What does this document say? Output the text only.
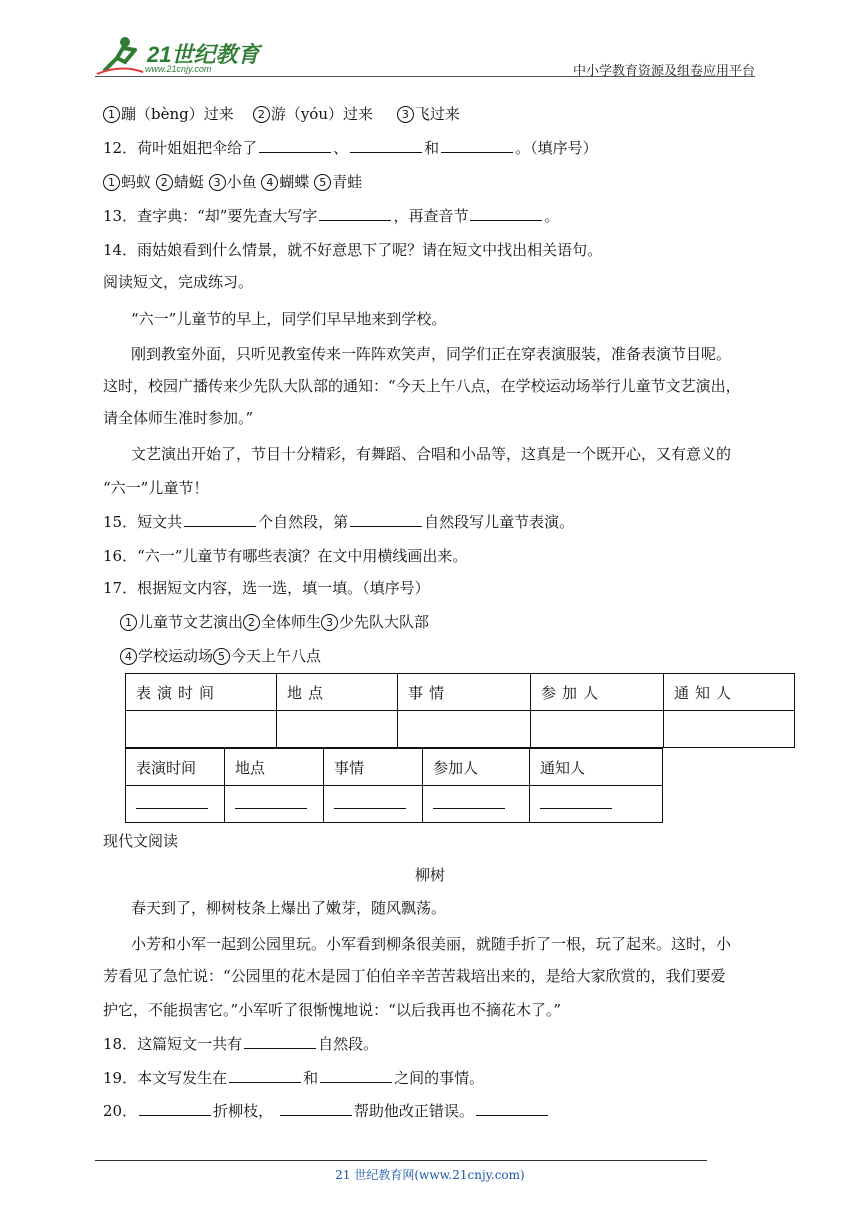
21世纪教育
www.21cnjy.com	中小学教育资源及组卷应用平台
1 蹦（bèng）过来 2 游（yóu）过来	3 飞过来
12．荷叶姐姐把伞给了	、	和	。（填序号）
1 蚂蚁 2 蜻蜓 3 小鱼 4 蝴蝶 5 青蛙
13．查字典：“却”要先查大写字	，再查音节	。
14．雨姑娘看到什么情景，就不好意思下了呢？请在短文中找出相关语句。
阅读短文，完成练习。
“六一”儿童节的早上，同学们早早地来到学校。
刚到教室外面，只听见教室传来一阵阵欢笑声，同学们正在穿表演服装，准备表演节目呢。
这时，校园广播传来少先队大队部的通知：“今天上午八点，在学校运动场举行儿童节文艺演出，
请全体师生准时参加。”
文艺演出开始了，节目十分精彩，有舞蹈、合唱和小品等，这真是一个既开心，又有意义的
“六一”儿童节！
15．短文共	个自然段，第	自然段写儿童节表演。
16．“六一”儿童节有哪些表演？在文中用横线画出来。
17．根据短文内容，选一选，填一填。（填序号）
1 儿童节文艺演出 2 全体师生 3 少先队大队部
4 学校运动场 5 今天上午八点
表演时间	地点	事情	参加人	通知人

表演时间	地点	事情	参加人	通知人

现代文阅读
柳树
春天到了，柳树枝条上爆出了嫩芽，随风飘荡。
小芳和小军一起到公园里玩。小军看到柳条很美丽，就随手折了一根，玩了起来。这时，小
芳看见了急忙说：“公园里的花木是园丁伯伯辛辛苦苦栽培出来的，是给大家欣赏的，我们要爱
护它，不能损害它。”小军听了很惭愧地说：“以后我再也不摘花木了。”
18．这篇短文一共有	自然段。
19．本文写发生在	和	之间的事情。
20．	折柳枝，	帮助他改正错误。
21 世纪教育网(www.21cnjy.com)
